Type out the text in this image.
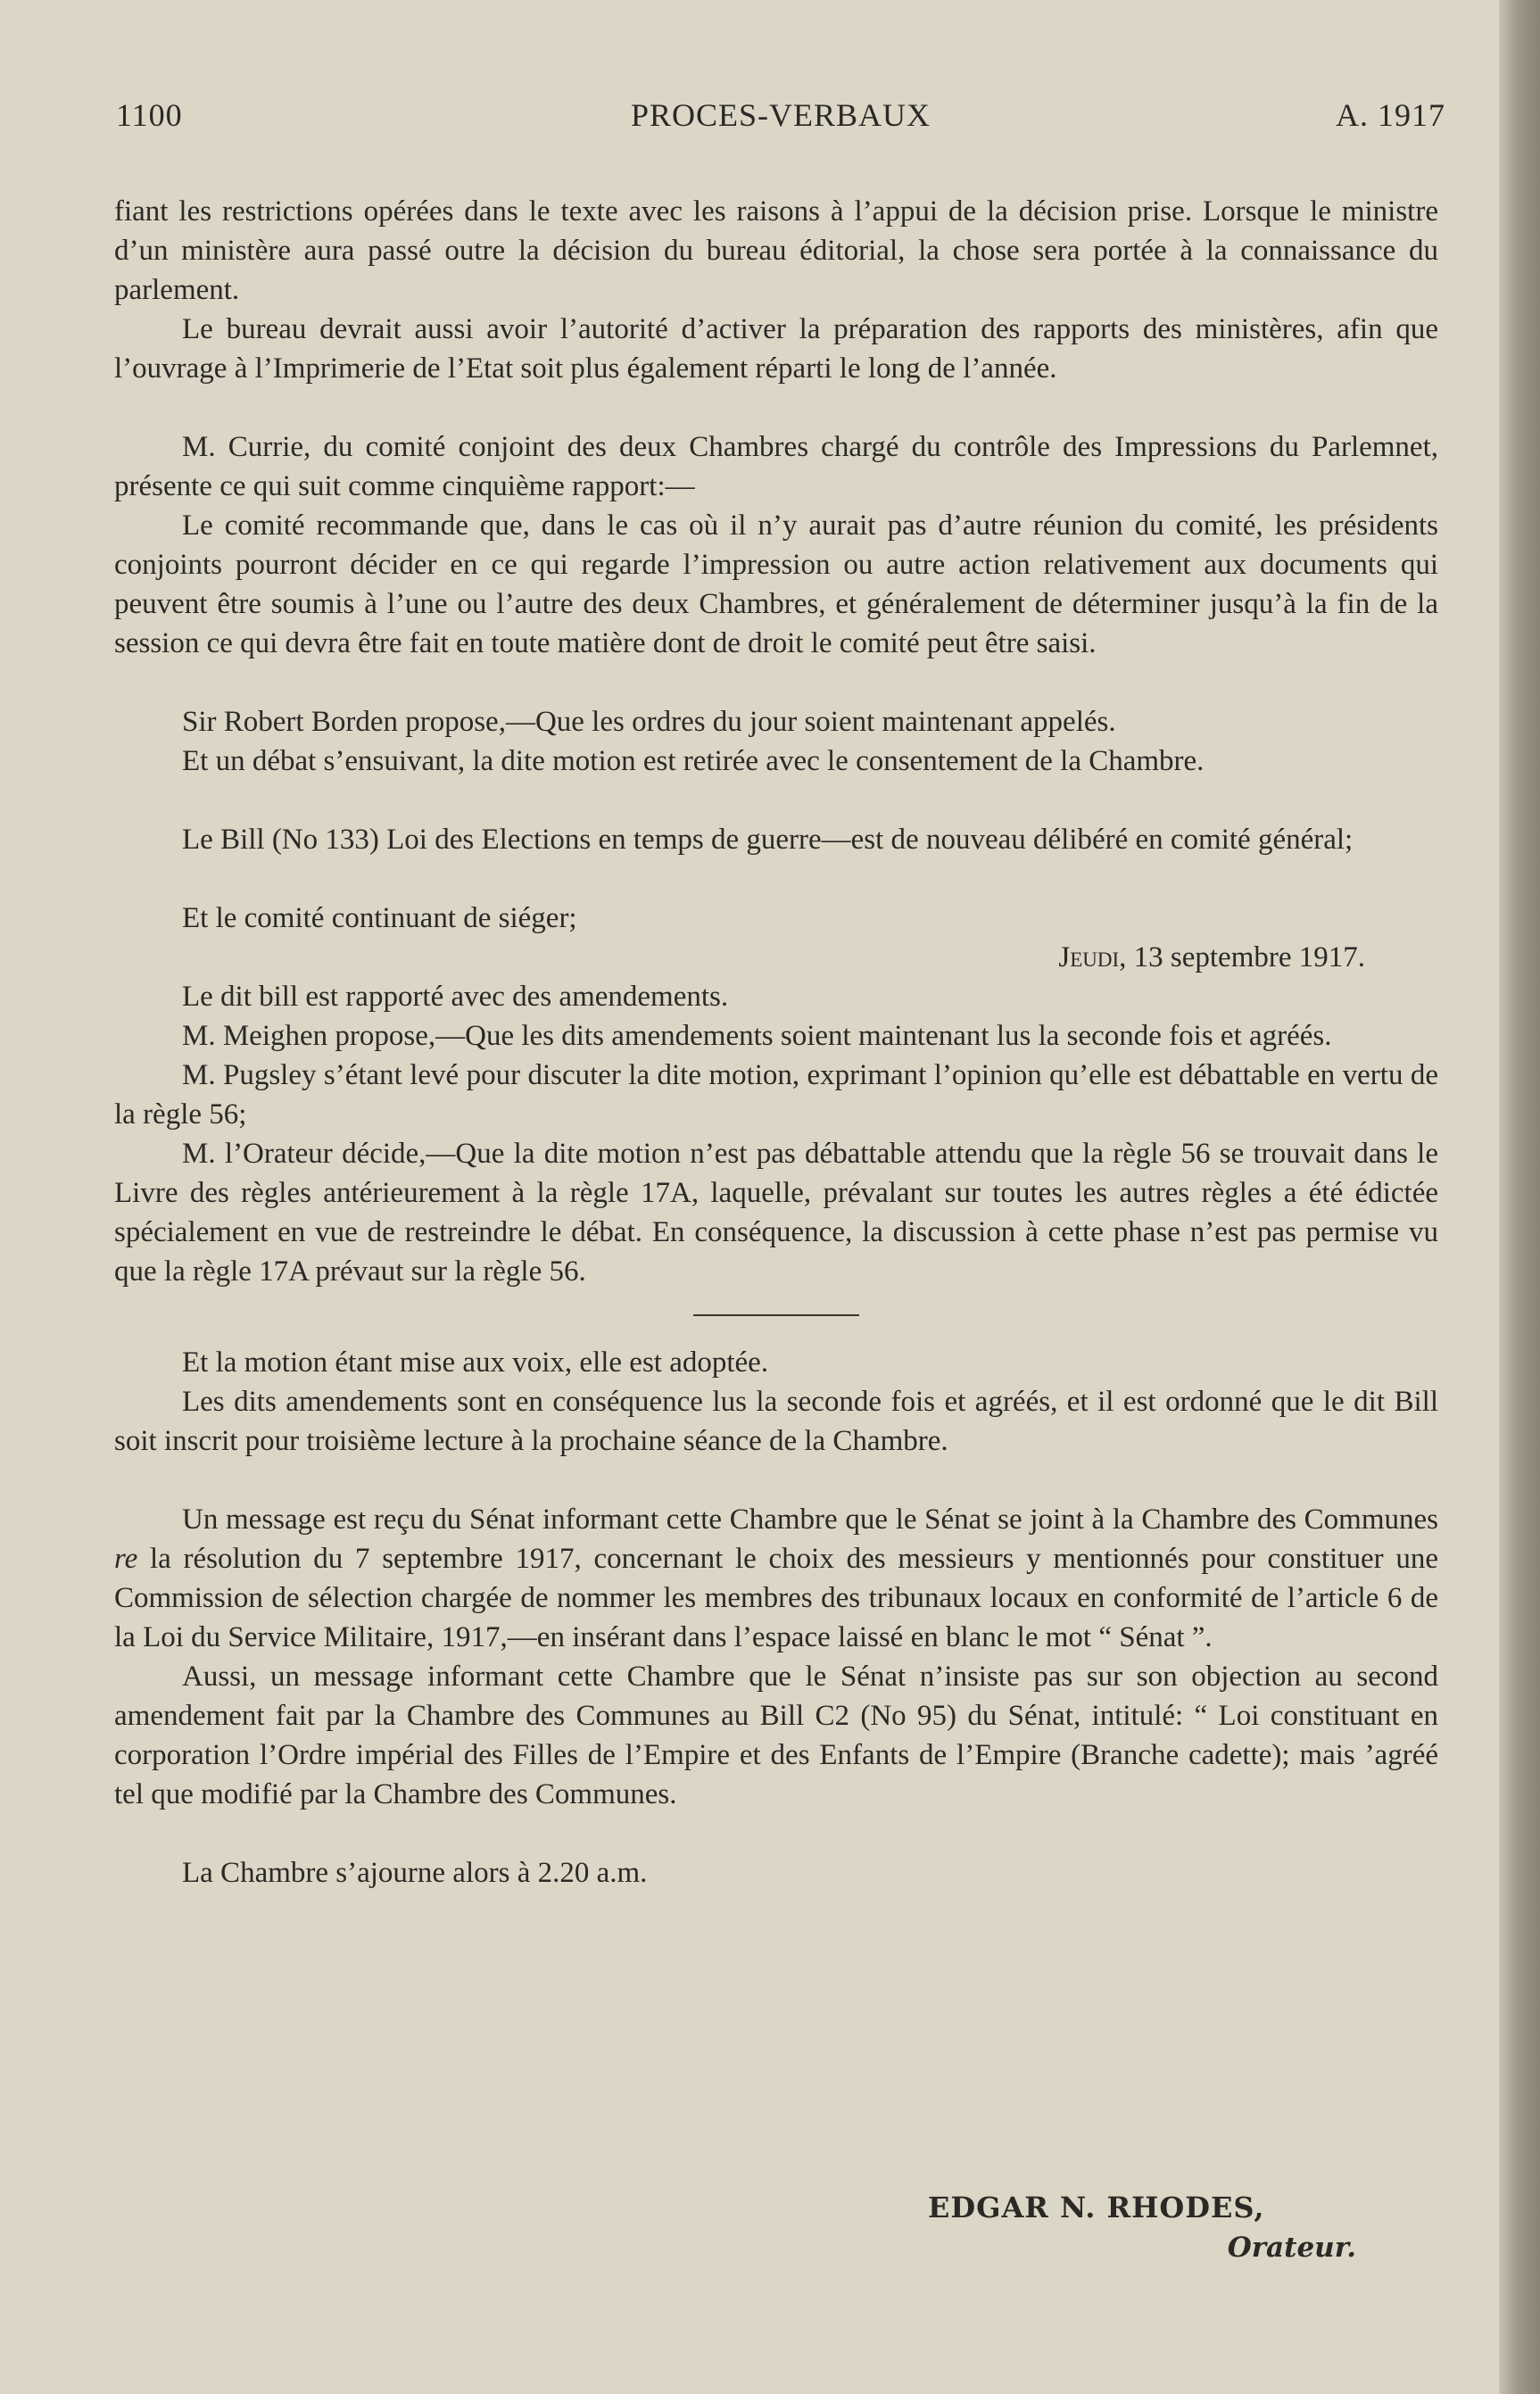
1100	PROCES-VERBAUX	A. 1917

fiant les restrictions opérées dans le texte avec les raisons à l’appui de la décision prise. Lorsque le ministre d’un ministère aura passé outre la décision du bureau éditorial, la chose sera portée à la connaissance du parlement.

Le bureau devrait aussi avoir l’autorité d’activer la préparation des rapports des ministères, afin que l’ouvrage à l’Imprimerie de l’Etat soit plus également réparti le long de l’année.

M. Currie, du comité conjoint des deux Chambres chargé du contrôle des Impressions du Parlemnet, présente ce qui suit comme cinquième rapport:—

Le comité recommande que, dans le cas où il n’y aurait pas d’autre réunion du comité, les présidents conjoints pourront décider en ce qui regarde l’impression ou autre action relativement aux documents qui peuvent être soumis à l’une ou l’autre des deux Chambres, et généralement de déterminer jusqu’à la fin de la session ce qui devra être fait en toute matière dont de droit le comité peut être saisi.

Sir Robert Borden propose,—Que les ordres du jour soient maintenant appelés.

Et un débat s’ensuivant, la dite motion est retirée avec le consentement de la Chambre.

Le Bill (No 133) Loi des Elections en temps de guerre—est de nouveau délibéré en comité général;

Et le comité continuant de siéger;

Jeudi, 13 septembre 1917.

Le dit bill est rapporté avec des amendements.

M. Meighen propose,—Que les dits amendements soient maintenant lus la seconde fois et agréés.

M. Pugsley s’étant levé pour discuter la dite motion, exprimant l’opinion qu’elle est débattable en vertu de la règle 56;

M. l’Orateur décide,—Que la dite motion n’est pas débattable attendu que la règle 56 se trouvait dans le Livre des règles antérieurement à la règle 17A, laquelle, prévalant sur toutes les autres règles a été édictée spécialement en vue de restreindre le débat. En conséquence, la discussion à cette phase n’est pas permise vu que la règle 17A prévaut sur la règle 56.

Et la motion étant mise aux voix, elle est adoptée.

Les dits amendements sont en conséquence lus la seconde fois et agréés, et il est ordonné que le dit Bill soit inscrit pour troisième lecture à la prochaine séance de la Chambre.

Un message est reçu du Sénat informant cette Chambre que le Sénat se joint à la Chambre des Communes re la résolution du 7 septembre 1917, concernant le choix des messieurs y mentionnés pour constituer une Commission de sélection chargée de nommer les membres des tribunaux locaux en conformité de l’article 6 de la Loi du Service Militaire, 1917,—en insérant dans l’espace laissé en blanc le mot “ Sénat ”.

Aussi, un message informant cette Chambre que le Sénat n’insiste pas sur son objection au second amendement fait par la Chambre des Communes au Bill C2 (No 95) du Sénat, intitulé: “ Loi constituant en corporation l’Ordre impérial des Filles de l’Empire et des Enfants de l’Empire (Branche cadette); mais ’agréé tel que modifié par la Chambre des Communes.

La Chambre s’ajourne alors à 2.20 a.m.

EDGAR N. RHODES,
Orateur.
